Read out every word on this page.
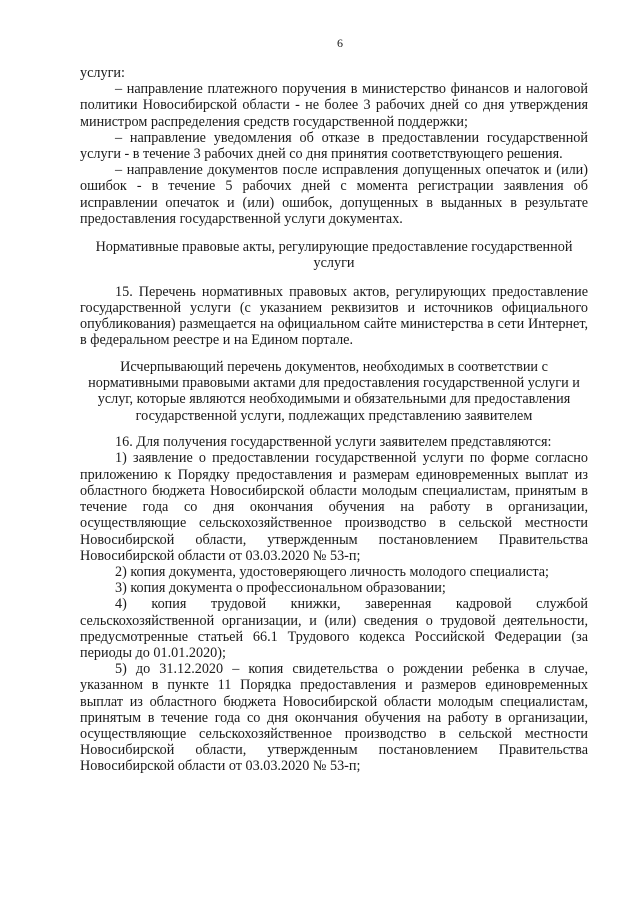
6

услуги:

– направление платежного поручения в министерство финансов и налоговой политики Новосибирской области - не более 3 рабочих дней со дня утверждения министром распределения средств государственной поддержки;

– направление уведомления об отказе в предоставлении государственной услуги - в течение 3 рабочих дней со дня принятия соответствующего решения.

– направление документов после исправления допущенных опечаток и (или) ошибок - в течение 5 рабочих дней с момента регистрации заявления об исправлении опечаток и (или) ошибок, допущенных в выданных в результате предоставления государственной услуги документах.

Нормативные правовые акты, регулирующие предоставление государственной услуги

15. Перечень нормативных правовых актов, регулирующих предоставление государственной услуги (с указанием реквизитов и источников официального опубликования) размещается на официальном сайте министерства в сети Интернет, в федеральном реестре и на Едином портале.

Исчерпывающий перечень документов, необходимых в соответствии с нормативными правовыми актами для предоставления государственной услуги и услуг, которые являются необходимыми и обязательными для предоставления государственной услуги, подлежащих представлению заявителем

16. Для получения государственной услуги заявителем представляются:

1) заявление о предоставлении государственной услуги по форме согласно приложению к Порядку предоставления и размерам единовременных выплат из областного бюджета Новосибирской области молодым специалистам, принятым в течение года со дня окончания обучения на работу в организации, осуществляющие сельскохозяйственное производство в сельской местности Новосибирской области, утвержденным постановлением Правительства Новосибирской области от 03.03.2020 № 53-п;

2) копия документа, удостоверяющего личность молодого специалиста;

3) копия документа о профессиональном образовании;

4) копия трудовой книжки, заверенная кадровой службой сельскохозяйственной организации, и (или) сведения о трудовой деятельности, предусмотренные статьей 66.1 Трудового кодекса Российской Федерации (за периоды до 01.01.2020);

5) до 31.12.2020 – копия свидетельства о рождении ребенка в случае, указанном в пункте 11 Порядка предоставления и размеров единовременных выплат из областного бюджета Новосибирской области молодым специалистам, принятым в течение года со дня окончания обучения на работу в организации, осуществляющие сельскохозяйственное производство в сельской местности Новосибирской области, утвержденным постановлением Правительства Новосибирской области от 03.03.2020 № 53-п;
